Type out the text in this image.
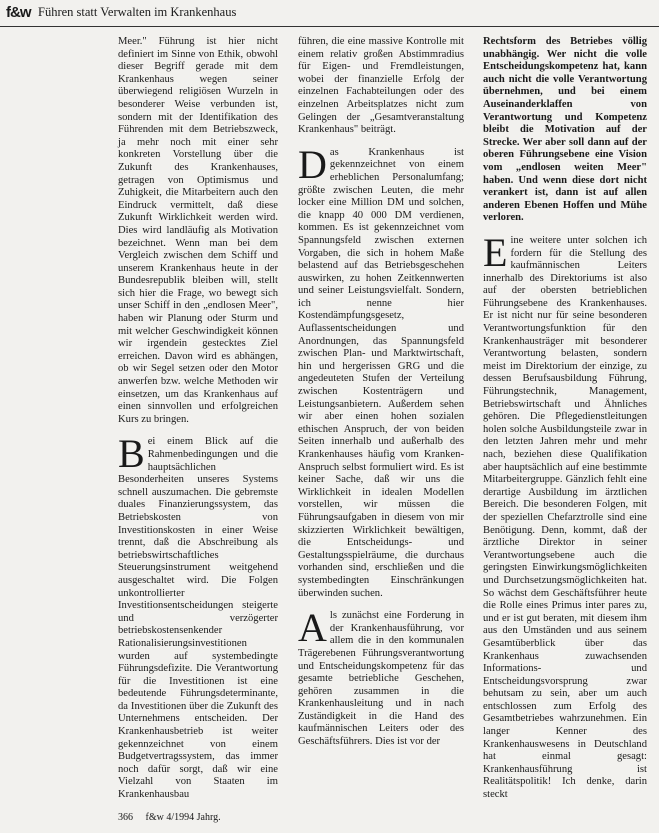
f&w Führen statt Verwalten im Krankenhaus

Meer." Führung ist hier nicht definiert im Sinne von Ethik, obwohl dieser Begriff gerade mit dem Krankenhaus wegen seiner überwiegend religiösen Wurzeln in besonderer Weise verbunden ist, sondern mit der Identifikation des Führenden mit dem Betriebszweck, ja mehr noch mit einer sehr konkreten Vorstellung über die Zukunft des Krankenhauses, getragen von Optimismus und Zuhigkeit, die Mitarbeitern auch den Eindruck vermittelt, daß diese Zukunft Wirklichkeit werden wird. Dies wird landläufig als Motivation bezeichnet. Wenn man bei dem Vergleich zwischen dem Schiff und unserem Krankenhaus heute in der Bundesrepublik bleiben will, stellt sich hier die Frage, wo bewegt sich unser Schiff in den „endlosen Meer", haben wir Planung oder Sturm und mit welcher Geschwindigkeit können wir irgendein gestecktes Ziel erreichen. Davon wird es abhängen, ob wir Segel setzen oder den Motor anwerfen bzw. welche Methoden wir einsetzen, um das Krankenhaus auf einen sinnvollen und erfolgreichen Kurs zu bringen.

Bei einem Blick auf die Rahmenbedingungen und die hauptsächlichen Besonderheiten unseres Systems schnell auszumachen. Die gebremste duales Finanzierungssystem, das Betriebskosten von Investitionskosten in einer Weise trennt, daß die Abschreibung als betriebswirtschaftliches Steuerungsinstrument weitgehend ausgeschaltet wird. Die Folgen unkontrollierter Investitionsentscheidungen steigerte und verzögerter betriebskostensenkender Rationalisierungsinvestitionen wurden auf systembedingte Führungsdefizite. Die Verantwortung für die Investitionen ist eine bedeutende Führungsdeterminante, da Investitionen über die Zukunft des Unternehmens entscheiden. Der Krankenhausbetrieb ist weiter gekennzeichnet von einem Budgetvertragssystem, das immer noch dafür sorgt, daß wir eine Vielzahl von Staaten im Krankenhausbau

führen, die eine massive Kontrolle mit einem relativ großen Abstimmradius für Eigen- und Fremdleistungen, wobei der finanzielle Erfolg der einzelnen Fachabteilungen oder des einzelnen Arbeitsplatzes nicht zum Gelingen der „Gesamtveranstaltung Krankenhaus" beiträgt.

Das Krankenhaus ist gekennzeichnet von einem erheblichen Personalumfang; größte zwischen Leuten, die mehr locker eine Million DM und solchen, die knapp 40 000 DM verdienen, kommen. Es ist gekennzeichnet vom Spannungsfeld zwischen externen Vorgaben, die sich in hohem Maße belastend auf das Betriebsgeschehen auswirken, zu hohen Zeitkennwerten und seiner Leistungsvielfalt. Sondern, ich nenne hier Kostendämpfungsgesetz, Auflassentscheidungen und Anordnungen, das Spannungsfeld zwischen Plan- und Marktwirtschaft, hin und hergerissen GRG und die angedeuteten Stufen der Verteilung zwischen Kostenträgern und Leistungsanbietern. Außerdem sehen wir aber einen hohen sozialen ethischen Anspruch, der von beiden Seiten innerhalb und außerhalb des Krankenhauses häufig vom Kranken-Anspruch selbst formuliert wird. Es ist keiner Sache, daß wir uns die Wirklichkeit in idealen Modellen vorstellen, wir müssen die Führungsaufgaben in diesem von mir skizzierten Wirklichkeit bewältigen, die Entscheidungs- und Gestaltungsspielräume, die durchaus vorhanden sind, erschließen und die systembedingten Einschränkungen überwinden suchen.

Als zunächst eine Forderung in der Krankenhausführung, vor allem die in den kommunalen Trägerebenen Führungsverantwortung und Entscheidungskompetenz für das gesamte betriebliche Geschehen, gehören zusammen in die Krankenhausleitung und in nach Zuständigkeit in die Hand des kaufmännischen Leiters oder des Geschäftsführers. Dies ist vor der

Rechtsform des Betriebes völlig unabhängig. Wer nicht die volle Entscheidungskompetenz hat, kann auch nicht die volle Verantwortung übernehmen, und bei einem Auseinanderklaffen von Verantwortung und Kompetenz bleibt die Motivation auf der Strecke. Wer aber soll dann auf der oberen Führungsebene eine Vision vom „endlosen weiten Meer" haben. Und wenn diese dort nicht verankert ist, dann ist auf allen anderen Ebenen Hoffen und Mühe verloren.

Eine weitere unter solchen ich fordern für die Stellung des kaufmännischen Leiters innerhalb des Direktoriums ist also auf der obersten betrieblichen Führungsebene des Krankenhauses. Er ist nicht nur für seine besonderen Verantwortungsfunktion für den Krankenhausträger mit besonderer Verantwortung belasten, sondern meist im Direktorium der einzige, zu dessen Berufsausbildung Führung, Führungstechnik, Management, Betriebswirtschaft und Ähnliches gehören. Die Pflegedienstleitungen holen solche Ausbildungsteile zwar in den letzten Jahren mehr und mehr nach, beziehen diese Qualifikation aber hauptsächlich auf eine bestimmte Mitarbeitergruppe. Gänzlich fehlt eine derartige Ausbildung im ärztlichen Bereich. Die besonderen Folgen, mit der speziellen Chefarztrolle sind eine Benötigung. Denn, kommt, daß der ärztliche Direktor in seiner Verantwortungsebene auch die geringsten Einwirkungsmöglichkeiten und Durchsetzungsmöglichkeiten hat. So wächst dem Geschäftsführer heute die Rolle eines Primus inter pares zu, und er ist gut beraten, mit diesem ihm aus den Umständen und aus seinem Gesamtüberblick über das Krankenhaus zuwachsenden Informations- und Entscheidungsvorsprung zwar behutsam zu sein, aber um auch entschlossen zum Erfolg des Gesamtbetriebes wahrzunehmen. Ein langer Kenner des Krankenhauswesens in Deutschland hat einmal gesagt: Krankenhausführung ist Realitätspolitik! Ich denke, darin steckt

366 f&w 4/1994 Jahrg.
